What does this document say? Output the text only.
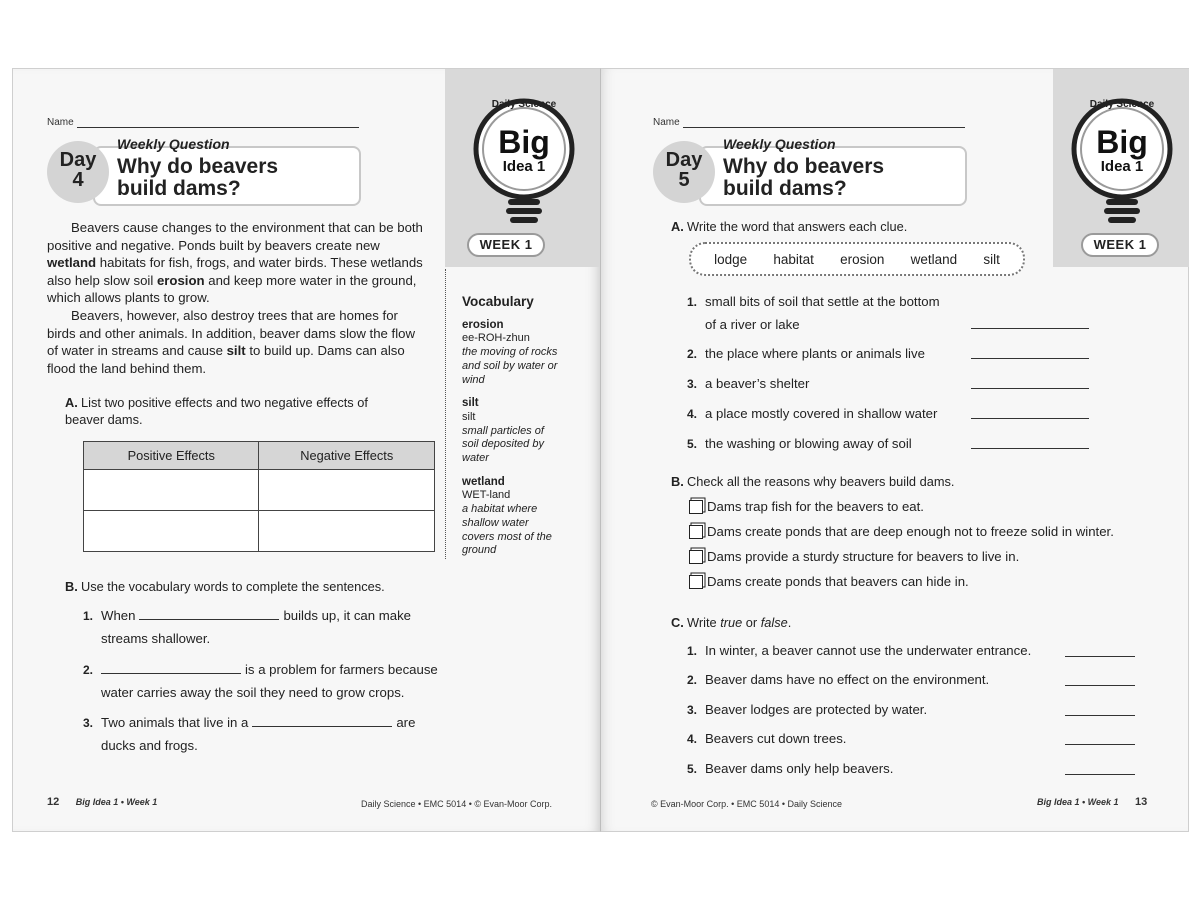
Name
Day
4
Weekly Question
Why do beavers
build dams?
Daily Science
Big
Idea 1
WEEK 1

Beavers cause changes to the environment that can be both positive and negative. Ponds built by beavers create new wetland habitats for fish, frogs, and water birds. These wetlands also help slow soil erosion and keep more water in the ground, which allows plants to grow.

Beavers, however, also destroy trees that are homes for birds and other animals. In addition, beaver dams slow the flow of water in streams and cause silt to build up. Dams can also flood the land behind them.

A. List two positive effects and two negative effects of beaver dams.
Positive Effects	Negative Effects

B. Use the vocabulary words to complete the sentences.
1. When	builds up, it can make
streams shallower.
2.	is a problem for farmers because
water carries away the soil they need to grow crops.
3. Two animals that live in a	are
ducks and frogs.
Vocabulary
erosion
ee-ROH-zhun
the moving of rocks and soil by water or wind
silt
silt
small particles of soil deposited by water
wetland
WET-land
a habitat where shallow water covers most of the ground
12 Big Idea 1 • Week 1	Daily Science • EMC 5014 • © Evan-Moor Corp.
Name
Day
5
Weekly Question
Why do beavers
build dams?
Daily Science
Big
Idea 1
WEEK 1
A. Write the word that answers each clue.
lodge habitat erosion wetland silt
1. small bits of soil that settle at the bottom
of a river or lake
2. the place where plants or animals live
3. a beaver’s shelter
4. a place mostly covered in shallow water
5. the washing or blowing away of soil
B. Check all the reasons why beavers build dams.
Dams trap fish for the beavers to eat.
Dams create ponds that are deep enough not to freeze solid in winter.
Dams provide a sturdy structure for beavers to live in.
Dams create ponds that beavers can hide in.
C. Write true or false.
1. In winter, a beaver cannot use the underwater entrance.
2. Beaver dams have no effect on the environment.
3. Beaver lodges are protected by water.
4. Beavers cut down trees.
5. Beaver dams only help beavers.
© Evan-Moor Corp. • EMC 5014 • Daily Science	Big Idea 1 • Week 1 13
